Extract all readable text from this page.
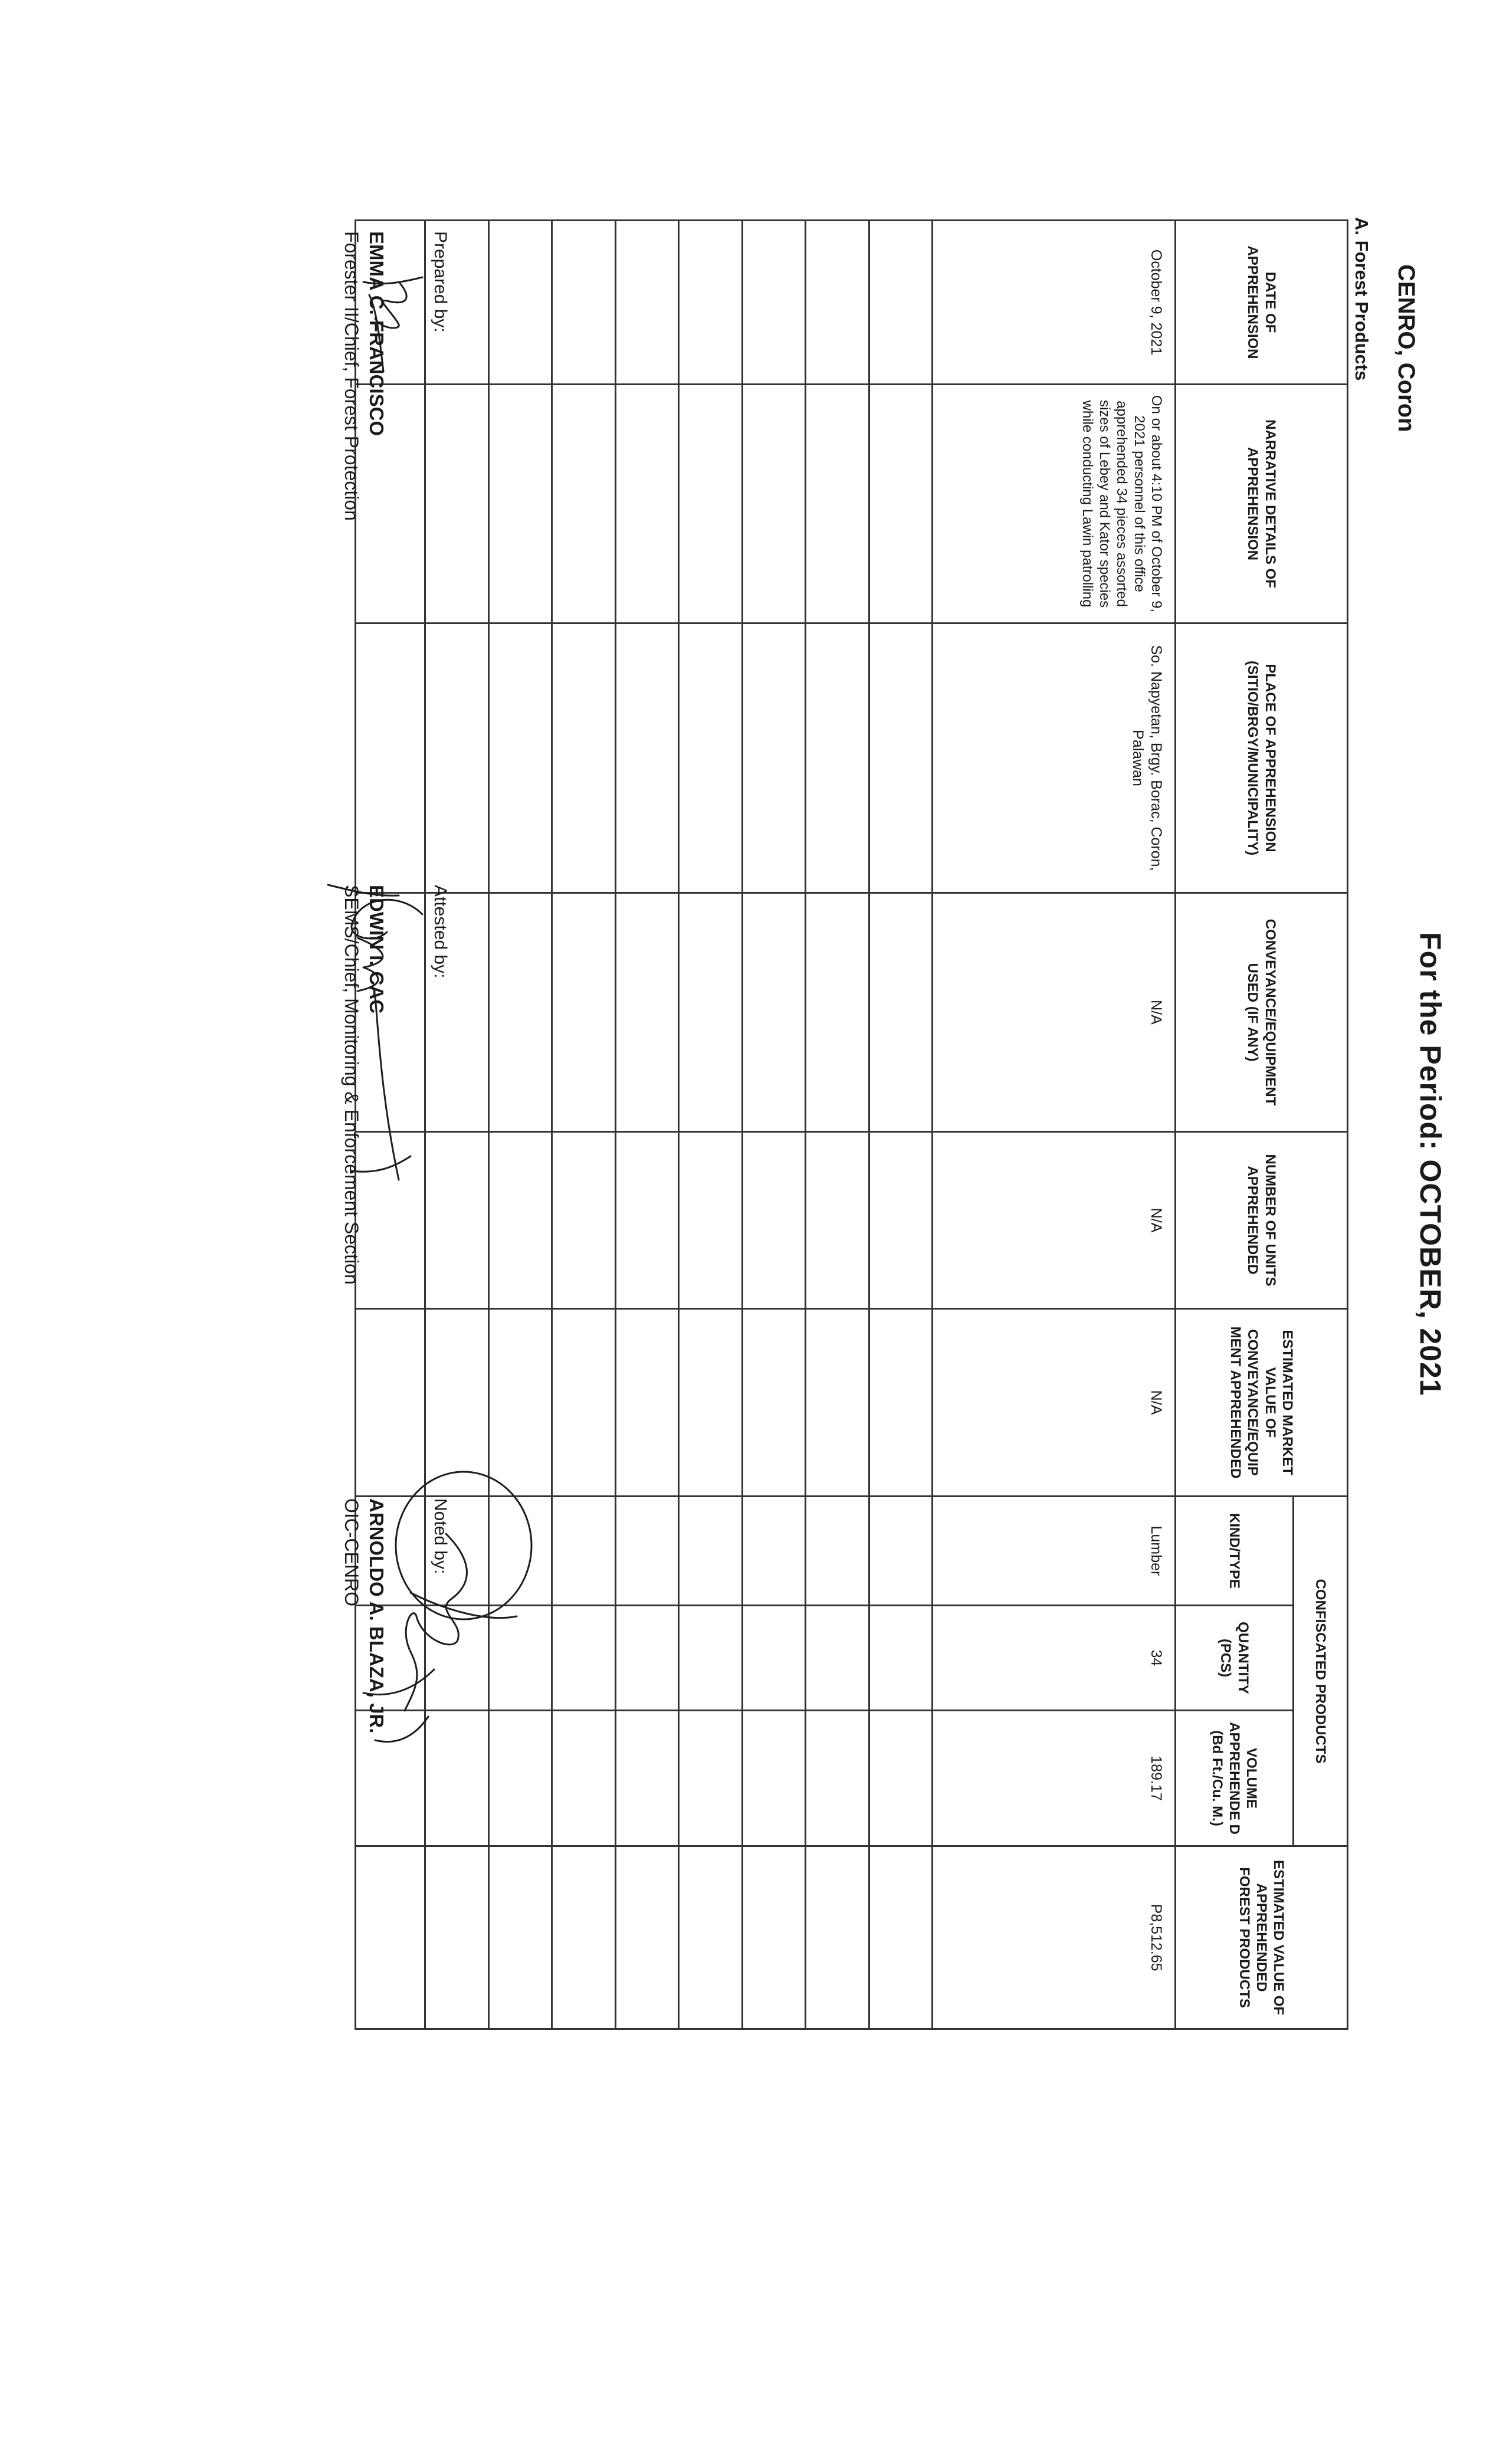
For the Period: OCTOBER, 2021
CENRO, Coron
A. Forest Products
DATE OF APPREHENSION	NARRATIVE DETAILS OF APPREHENSION	PLACE OF APPREHENSION (SITIO/BRGY/MUNICIPALITY)	CONVEYANCE/EQUIPMENT USED (IF ANY)	NUMBER OF UNITS APPREHENDED	ESTIMATED MARKET VALUE OF CONVEYANCE/EQUIP MENT APPREHENDED	CONFISCATED PRODUCTS			ESTIMATED VALUE OF APPREHENDED FOREST PRODUCTS
						KIND/TYPE	QUANTITY (PCS)	VOLUME APPREHENDE D (Bd Ft./Cu. M.)	
October 9, 2021	On or about 4:10 PM of October 9, 2021 personnel of this office apprehended 34 pieces assorted sizes of Lebey and Kator species while conducting Lawin patrolling	So. Napyetan, Brgy. Borac, Coron, Palawan	N/A	N/A	N/A	Lumber	34	189.17	P8,512.65

Prepared by:
EMMA C. FRANCISCO
Forester II/Chief, Forest Protection
Attested by:
EDWIN I. CAC
SEMS/Chief, Monitoring & Enforcement Section
Noted by:
ARNOLDO A. BLAZA, JR.
OIC-CENRO
